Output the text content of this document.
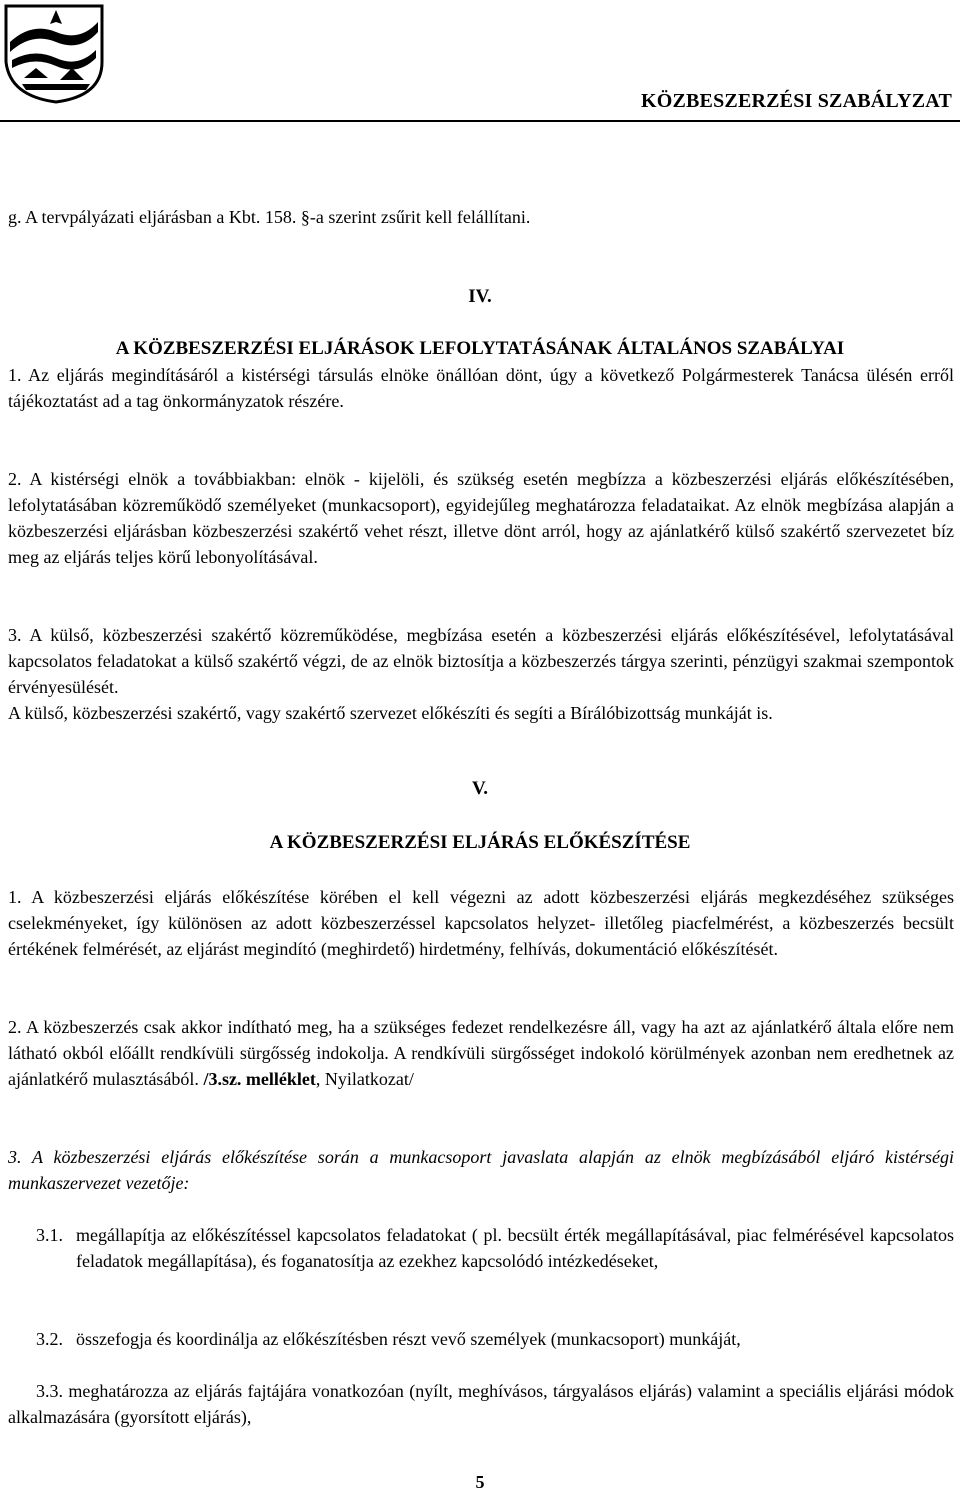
KÖZBESZERZÉSI SZABÁLYZAT

g. A tervpályázati eljárásban a Kbt. 158. §-a szerint zsűrit kell felállítani.

IV.

A KÖZBESZERZÉSI ELJÁRÁSOK LEFOLYTATÁSÁNAK ÁLTALÁNOS SZABÁLYAI

1. Az eljárás megindításáról a kistérségi társulás elnöke önállóan dönt, úgy a következő Polgármesterek Tanácsa ülésén erről tájékoztatást ad a tag önkormányzatok részére.

2. A kistérségi elnök a továbbiakban: elnök - kijelöli, és szükség esetén megbízza a közbeszerzési eljárás előkészítésében, lefolytatásában közreműködő személyeket (munkacsoport), egyidejűleg meghatározza feladataikat. Az elnök megbízása alapján a közbeszerzési eljárásban közbeszerzési szakértő vehet részt, illetve dönt arról, hogy az ajánlatkérő külső szakértő szervezetet bíz meg az eljárás teljes körű lebonyolításával.

3. A külső, közbeszerzési szakértő közreműködése, megbízása esetén a közbeszerzési eljárás előkészítésével, lefolytatásával kapcsolatos feladatokat a külső szakértő végzi, de az elnök biztosítja a közbeszerzés tárgya szerinti, pénzügyi szakmai szempontok érvényesülését.

A külső, közbeszerzési szakértő, vagy szakértő szervezet előkészíti és segíti a Bírálóbizottság munkáját is.

V.

A KÖZBESZERZÉSI ELJÁRÁS ELŐKÉSZÍTÉSE

1. A közbeszerzési eljárás előkészítése körében el kell végezni az adott közbeszerzési eljárás megkezdéséhez szükséges cselekményeket, így különösen az adott közbeszerzéssel kapcsolatos helyzet- illetőleg piacfelmérést, a közbeszerzés becsült értékének felmérését, az eljárást megindító (meghirdető) hirdetmény, felhívás, dokumentáció előkészítését.

2. A közbeszerzés csak akkor indítható meg, ha a szükséges fedezet rendelkezésre áll, vagy ha azt az ajánlatkérő általa előre nem látható okból előállt rendkívüli sürgősség indokolja. A rendkívüli sürgősséget indokoló körülmények azonban nem eredhetnek az ajánlatkérő mulasztásából. /3.sz. melléklet, Nyilatkozat/

3. A közbeszerzési eljárás előkészítése során a munkacsoport javaslata alapján az elnök megbízásából eljáró kistérségi munkaszervezet vezetője:

3.1. megállapítja az előkészítéssel kapcsolatos feladatokat ( pl. becsült érték megállapításával, piac felmérésével kapcsolatos feladatok megállapítása), és foganatosítja az ezekhez kapcsolódó intézkedéseket,

3.2. összefogja és koordinálja az előkészítésben részt vevő személyek (munkacsoport) munkáját,

3.3. meghatározza az eljárás fajtájára vonatkozóan (nyílt, meghívásos, tárgyalásos eljárás) valamint a speciális eljárási módok alkalmazására (gyorsított eljárás),

5
